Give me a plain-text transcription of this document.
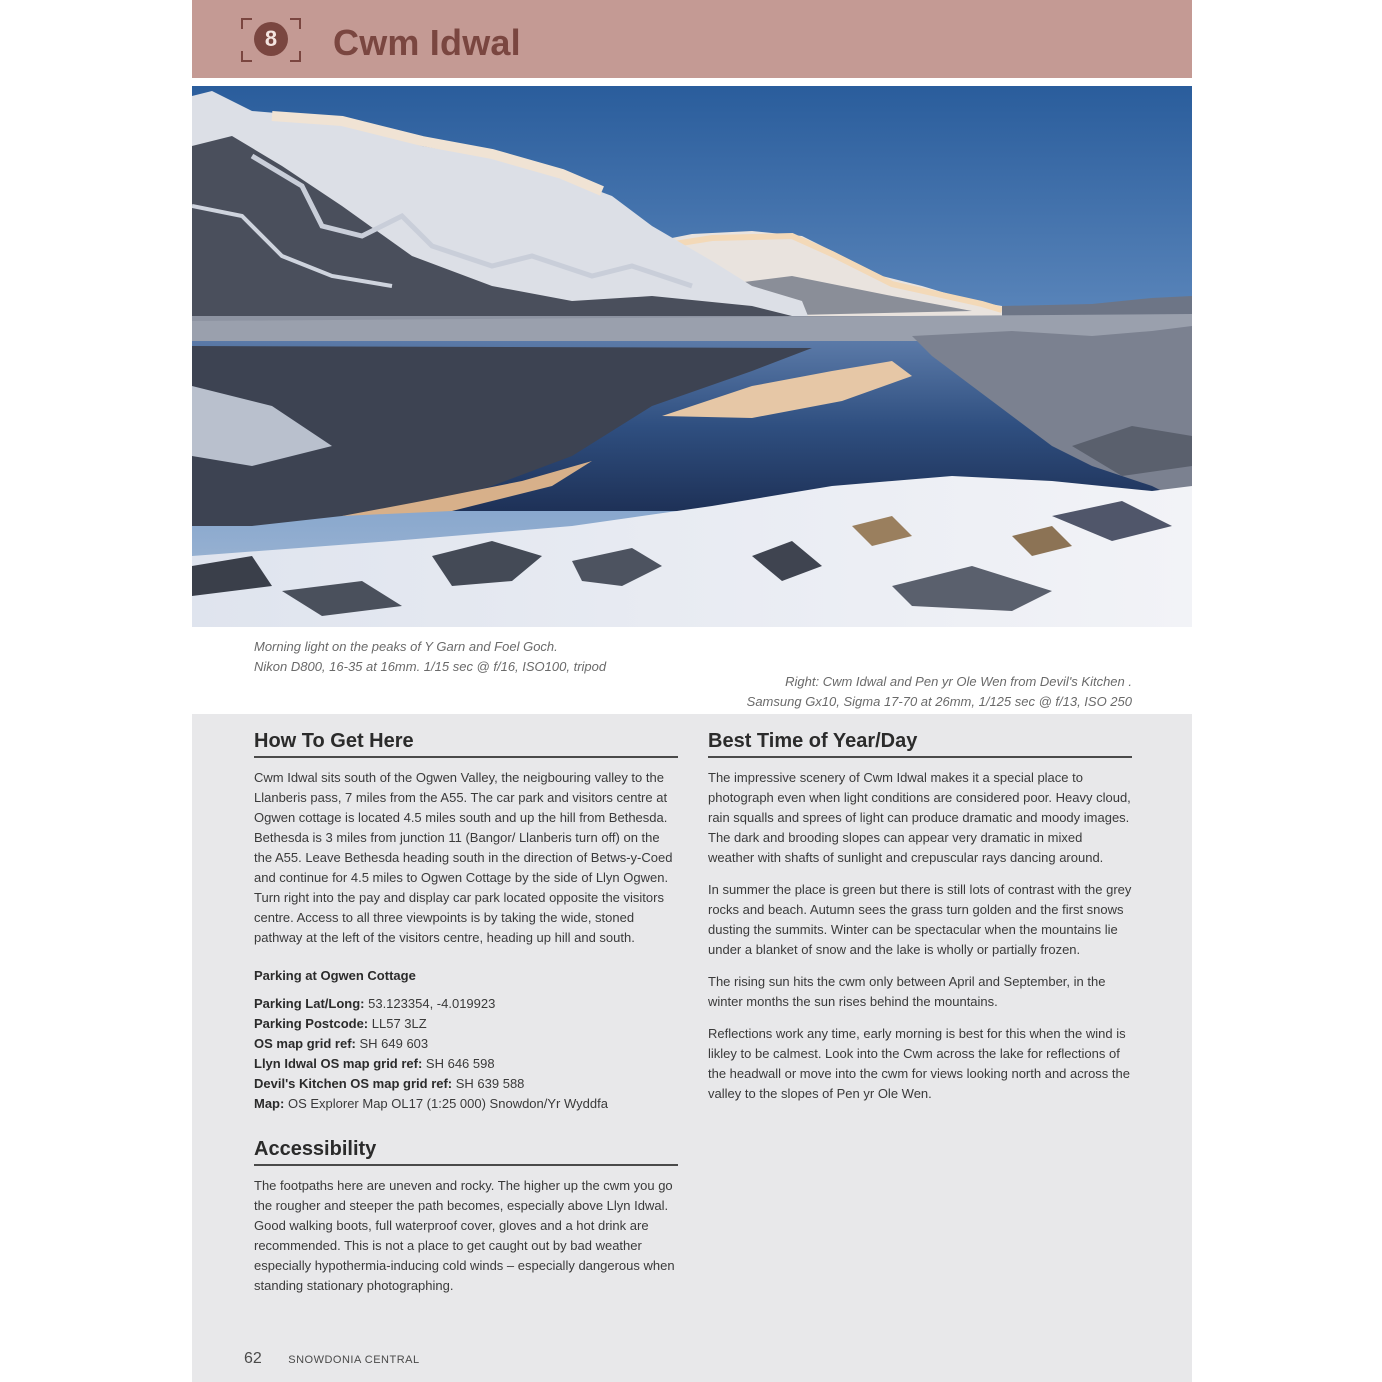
8	Cwm Idwal
Morning light on the peaks of Y Garn and Foel Goch.
Nikon D800, 16-35 at 16mm. 1/15 sec @ f/16, ISO100, tripod
Right: Cwm Idwal and Pen yr Ole Wen from Devil's Kitchen .
Samsung Gx10, Sigma 17-70 at 26mm, 1/125 sec @ f/13, ISO 250
How To Get Here

Cwm Idwal sits south of the Ogwen Valley, the neigbouring valley to the Llanberis pass, 7 miles from the A55. The car park and visitors centre at Ogwen cottage is located 4.5 miles south and up the hill from Bethesda. Bethesda is 3 miles from junction 11 (Bangor/ Llanberis turn off) on the the A55. Leave Bethesda heading south in the direction of Betws-y-Coed and continue for 4.5 miles to Ogwen Cottage by the side of Llyn Ogwen. Turn right into the pay and display car park located opposite the visitors centre. Access to all three viewpoints is by taking the wide, stoned pathway at the left of the visitors centre, heading up hill and south.

Parking at Ogwen Cottage
Parking Lat/Long: 53.123354, -4.019923
Parking Postcode: LL57 3LZ
OS map grid ref: SH 649 603
Llyn Idwal OS map grid ref: SH 646 598
Devil's Kitchen OS map grid ref: SH 639 588
Map: OS Explorer Map OL17 (1:25 000) Snowdon/Yr Wyddfa
Accessibility

The footpaths here are uneven and rocky. The higher up the cwm you go the rougher and steeper the path becomes, especially above Llyn Idwal. Good walking boots, full waterproof cover, gloves and a hot drink are recommended. This is not a place to get caught out by bad weather especially hypothermia-inducing cold winds – especially dangerous when standing stationary photographing.

Best Time of Year/Day

The impressive scenery of Cwm Idwal makes it a special place to photograph even when light conditions are considered poor. Heavy cloud, rain squalls and sprees of light can produce dramatic and moody images. The dark and brooding slopes can appear very dramatic in mixed weather with shafts of sunlight and crepuscular rays dancing around.

In summer the place is green but there is still lots of contrast with the grey rocks and beach. Autumn sees the grass turn golden and the first snows dusting the summits. Winter can be spectacular when the mountains lie under a blanket of snow and the lake is wholly or partially frozen.

The rising sun hits the cwm only between April and September, in the winter months the sun rises behind the mountains.

Reflections work any time, early morning is best for this when the wind is likley to be calmest. Look into the Cwm across the lake for reflections of the headwall or move into the cwm for views looking north and across the valley to the slopes of Pen yr Ole Wen.

62 SNOWDONIA CENTRAL
